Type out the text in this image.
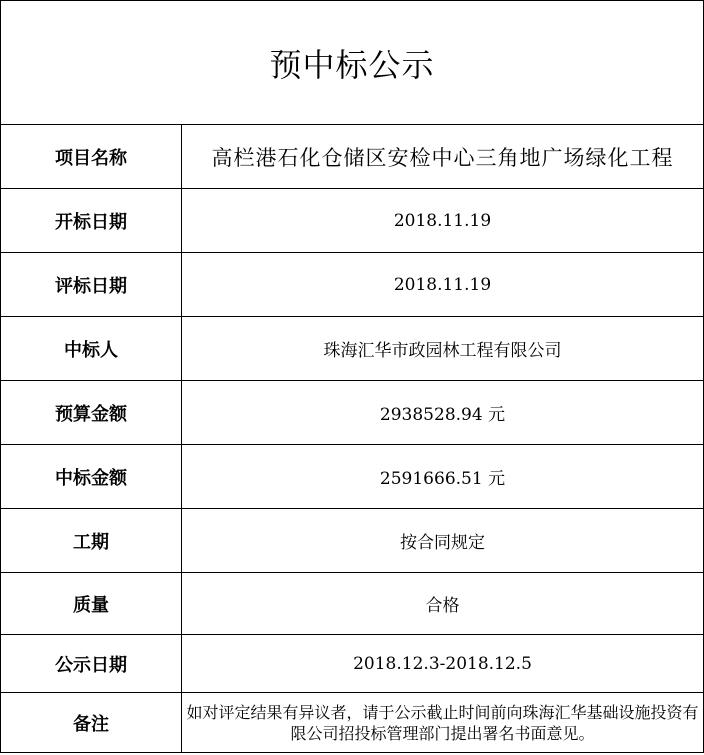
预中标公示	
项目名称	高栏港石化仓储区安检中心三角地广场绿化工程
开标日期	2018.11.19
评标日期	2018.11.19
中标人	珠海汇华市政园林工程有限公司
预算金额	2938528.94 元
中标金额	2591666.51 元
工期	按合同规定
质量	合格
公示日期	2018.12.3-2018.12.5
备注	如对评定结果有异议者，请于公示截止时间前向珠海汇华基础设施投资有限公司招投标管理部门提出署名书面意见。
